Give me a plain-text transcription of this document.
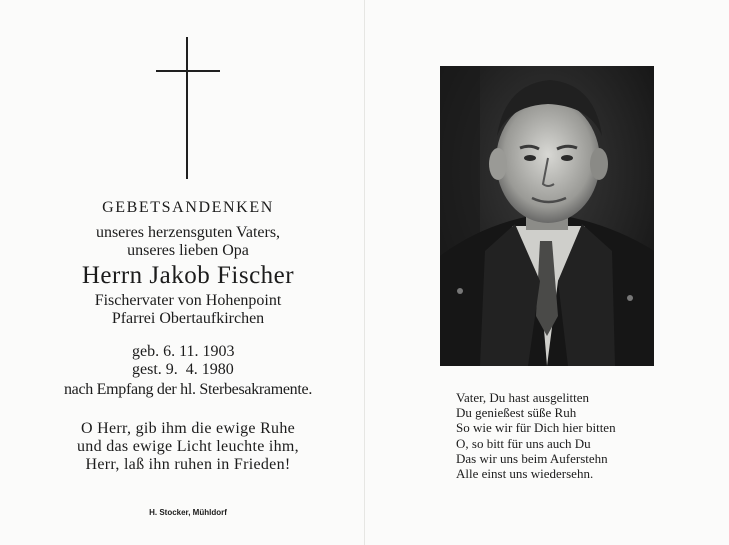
GEBETSANDENKEN
unseres herzensguten Vaters,
unseres lieben Opa
Herrn Jakob Fischer
Fischervater von Hohenpoint
Pfarrei Obertaufkirchen
geb. 6. 11. 1903
gest. 9.  4. 1980
nach Empfang der hl. Sterbesakramente.
O Herr, gib ihm die ewige Ruhe
und das ewige Licht leuchte ihm,
Herr, laß ihn ruhen in Frieden!
H. Stocker, Mühldorf
Vater, Du hast ausgelitten
Du genießest süße Ruh
So wie wir für Dich hier bitten
O, so bitt für uns auch Du
Das wir uns beim Auferstehn
Alle einst uns wiedersehn.
